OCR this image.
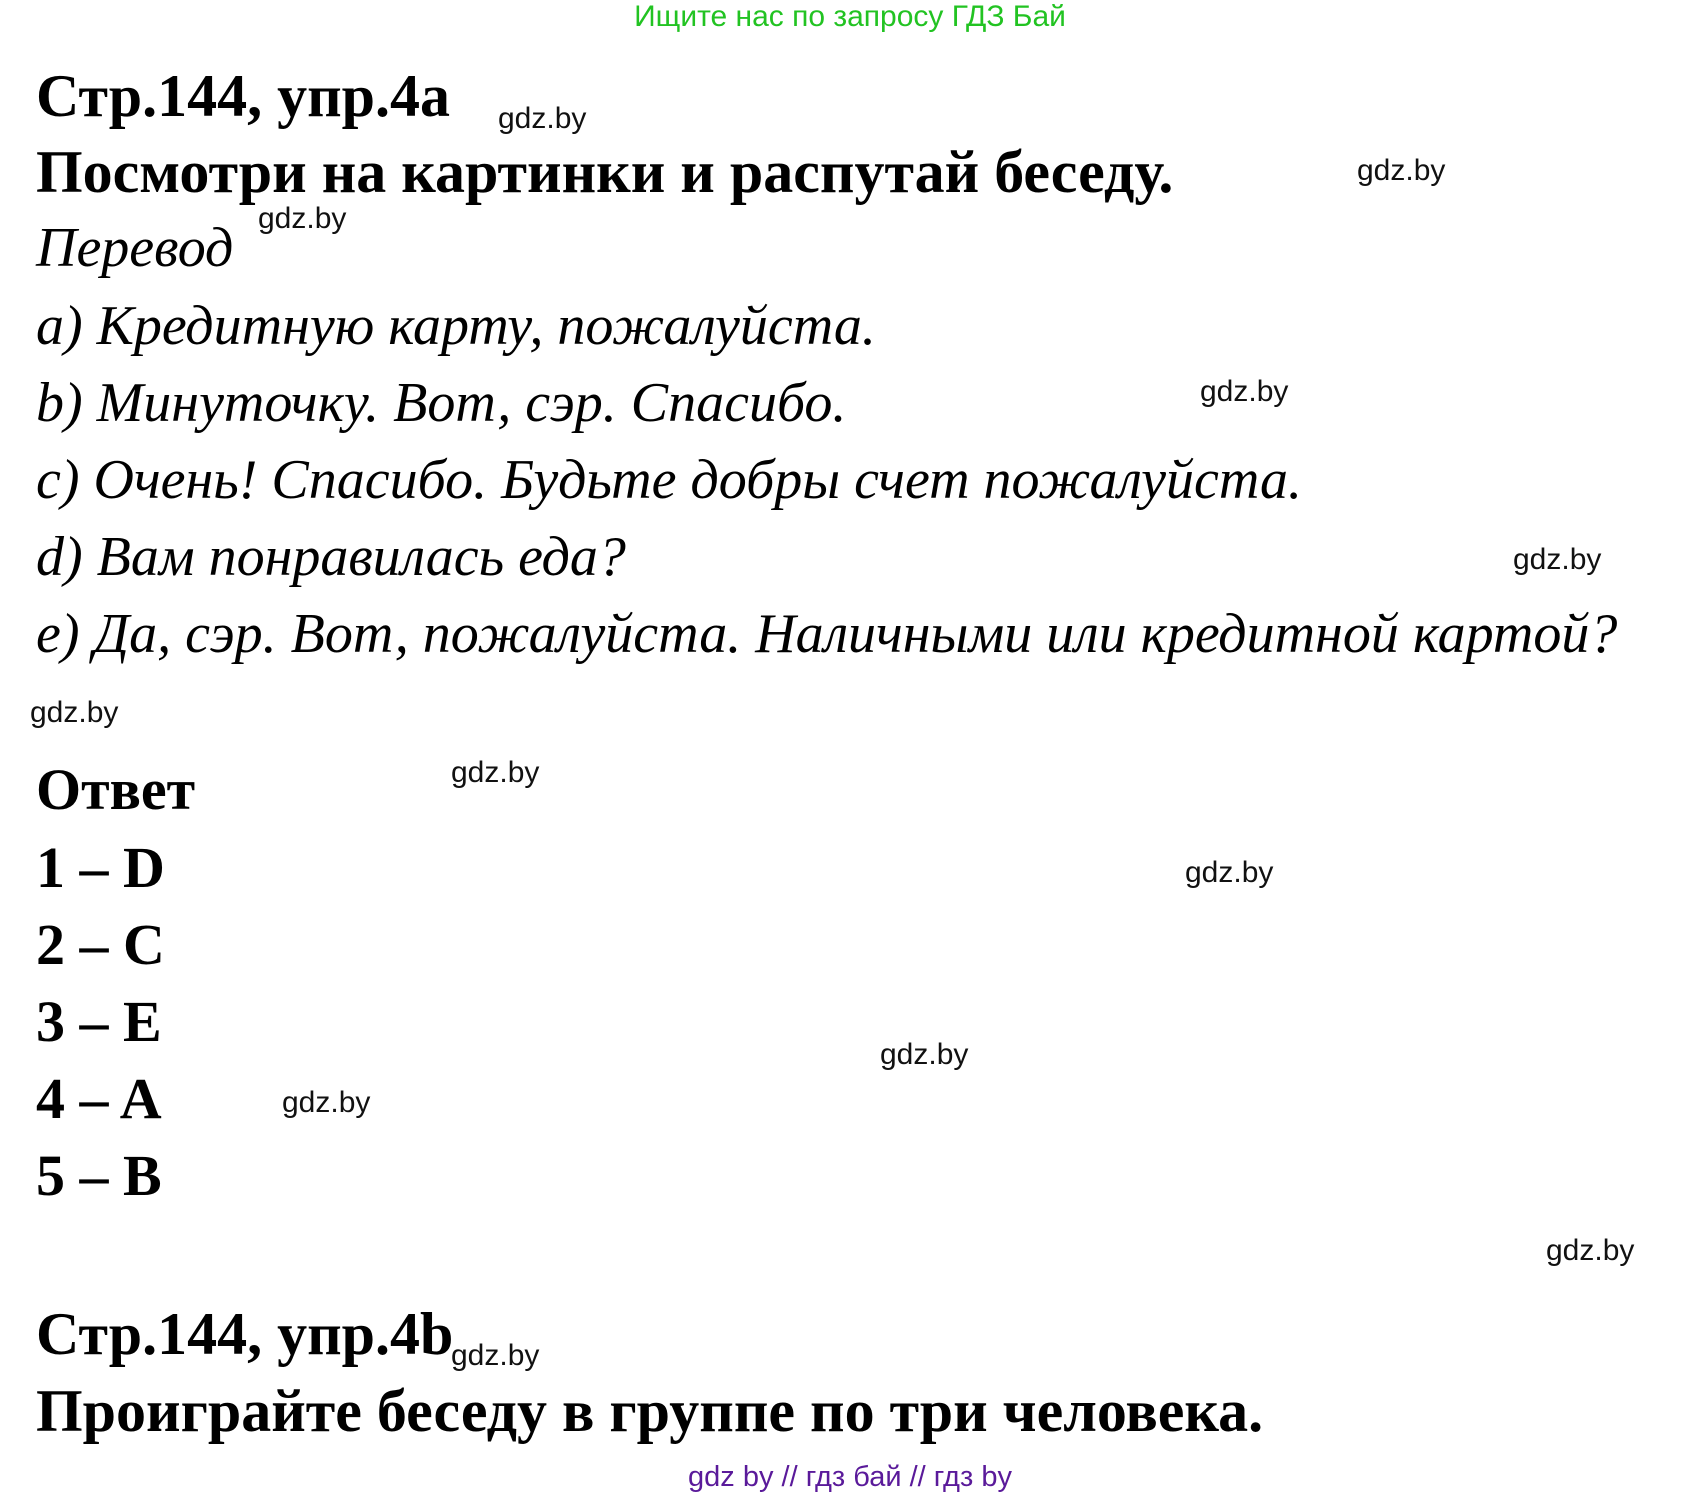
Ищите нас по запросу ГДЗ Бай
Стр.144, упр.4a
Посмотри на картинки и распутай беседу.
Перевод
a) Кредитную карту, пожалуйста.
b) Минуточку. Вот, сэр. Спасибо.
c) Очень! Спасибо. Будьте добры счет пожалуйста.
d) Вам понравилась еда?
e) Да, сэр. Вот, пожалуйста. Наличными или кредитной картой?
Ответ
1 – D
2 – C
3 – E
4 – A
5 – B
Стр.144, упр.4b
Проиграйте беседу в группе по три человека.
gdz.by
gdz.by
gdz.by
gdz.by
gdz.by
gdz.by
gdz.by
gdz.by
gdz.by
gdz.by
gdz.by
gdz.by
gdz by // гдз бай // гдз by
